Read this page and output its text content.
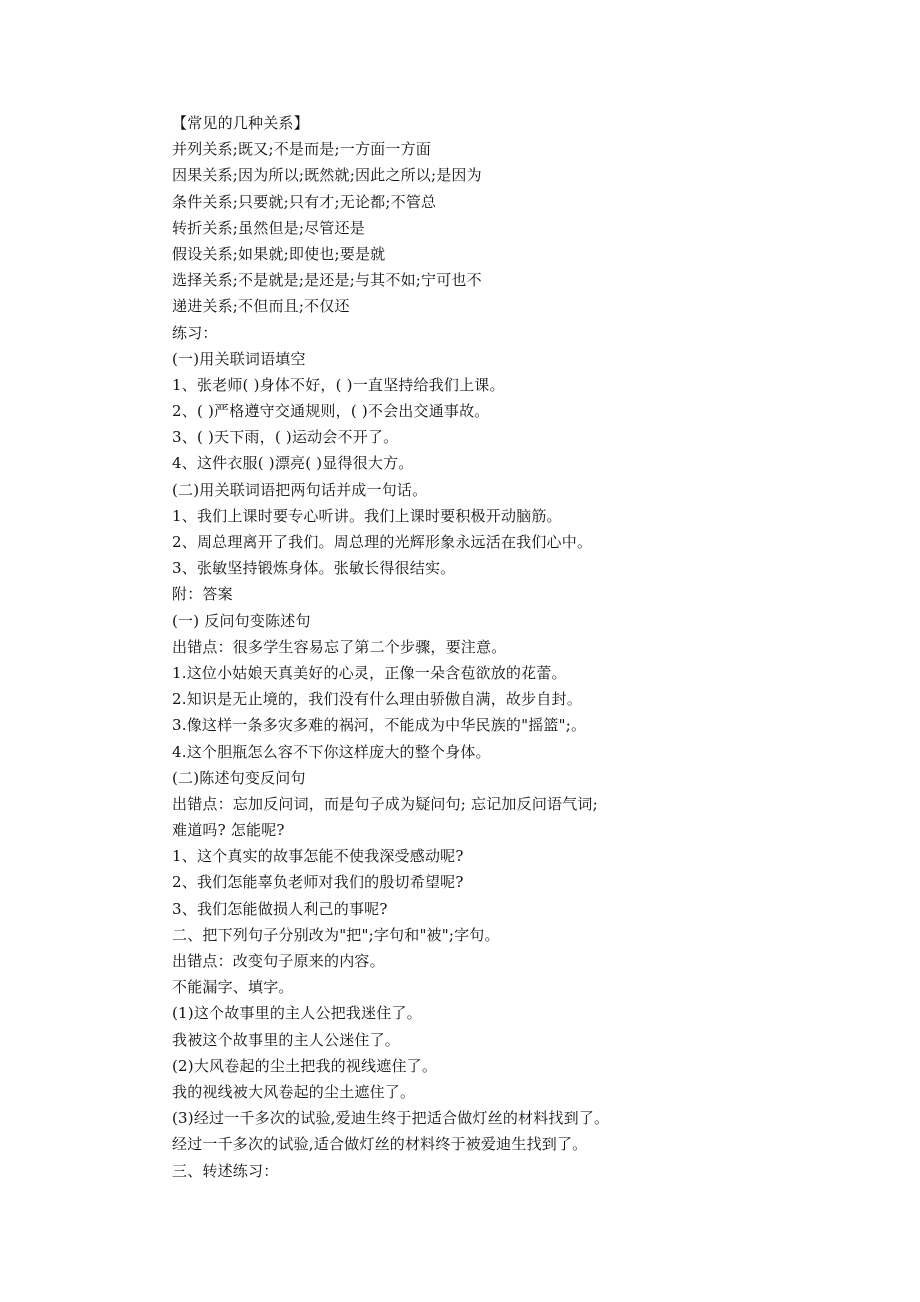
【常见的几种关系】
并列关系;既又;不是而是;一方面一方面
因果关系;因为所以;既然就;因此之所以;是因为
条件关系;只要就;只有才;无论都;不管总
转折关系;虽然但是;尽管还是
假设关系;如果就;即使也;要是就
选择关系;不是就是;是还是;与其不如;宁可也不
递进关系;不但而且;不仅还
练习：
(一)用关联词语填空
1、张老师( )身体不好，( )一直坚持给我们上课。
2、( )严格遵守交通规则，( )不会出交通事故。
3、( )天下雨，( )运动会不开了。
4、这件衣服( )漂亮( )显得很大方。
(二)用关联词语把两句话并成一句话。
1、我们上课时要专心听讲。我们上课时要积极开动脑筋。
2、周总理离开了我们。周总理的光辉形象永远活在我们心中。
3、张敏坚持锻炼身体。张敏长得很结实。
附：答案
(一) 反问句变陈述句
出错点：很多学生容易忘了第二个步骤，要注意。
1.这位小姑娘天真美好的心灵，正像一朵含苞欲放的花蕾。
2.知识是无止境的，我们没有什么理由骄傲自满，故步自封。
3.像这样一条多灾多难的祸河，不能成为中华民族的"摇篮";。
4.这个胆瓶怎么容不下你这样庞大的整个身体。
(二)陈述句变反问句
出错点：忘加反问词，而是句子成为疑问句; 忘记加反问语气词;
难道吗? 怎能呢?
1、这个真实的故事怎能不使我深受感动呢?
2、我们怎能辜负老师对我们的殷切希望呢?
3、我们怎能做损人利己的事呢?
二、把下列句子分别改为"把";字句和"被";字句。
出错点：改变句子原来的内容。
不能漏字、填字。
(1)这个故事里的主人公把我迷住了。
我被这个故事里的主人公迷住了。
(2)大风卷起的尘土把我的视线遮住了。
我的视线被大风卷起的尘土遮住了。
(3)经过一千多次的试验,爱迪生终于把适合做灯丝的材料找到了。
经过一千多次的试验,适合做灯丝的材料终于被爱迪生找到了。
三、转述练习：
